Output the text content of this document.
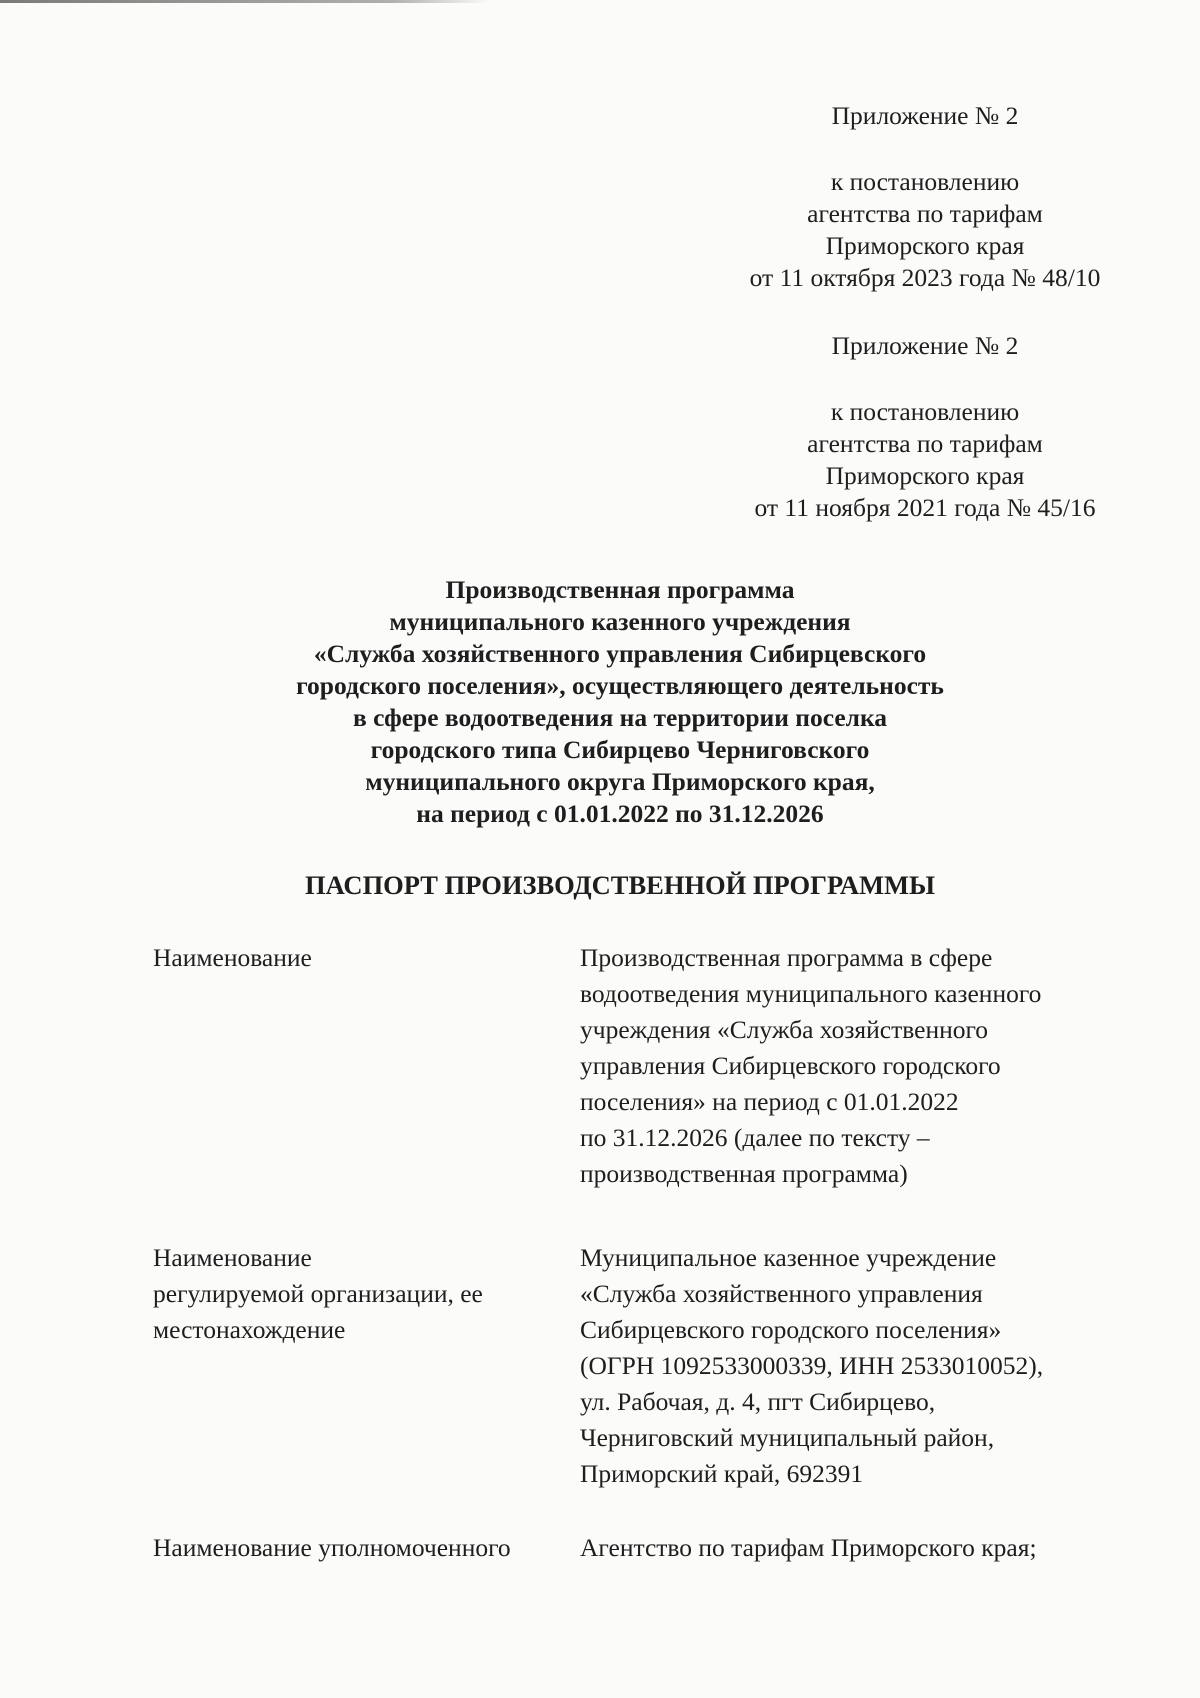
Приложение № 2
к постановлению
агентства по тарифам
Приморского края
от 11 октября 2023 года № 48/10
Приложение № 2
к постановлению
агентства по тарифам
Приморского края
от 11 ноября 2021 года № 45/16
Производственная программа
муниципального казенного учреждения
«Служба хозяйственного управления Сибирцевского
городского поселения», осуществляющего деятельность
в сфере водоотведения на территории поселка
городского типа Сибирцево Черниговского
муниципального округа Приморского края,
на период с 01.01.2022 по 31.12.2026
ПАСПОРТ ПРОИЗВОДСТВЕННОЙ ПРОГРАММЫ
Наименование	Производственная программа в сфере
водоотведения муниципального казенного
учреждения «Служба хозяйственного
управления Сибирцевского городского
поселения» на период с 01.01.2022
по 31.12.2026 (далее по тексту –
производственная программа)
Наименование
регулируемой организации, ее
местонахождение
Муниципальное казенное учреждение
«Служба хозяйственного управления
Сибирцевского городского поселения»
(ОГРН 1092533000339, ИНН 2533010052),
ул. Рабочая, д. 4, пгт Сибирцево,
Черниговский муниципальный район,
Приморский край, 692391
Наименование уполномоченного	Агентство по тарифам Приморского края;
